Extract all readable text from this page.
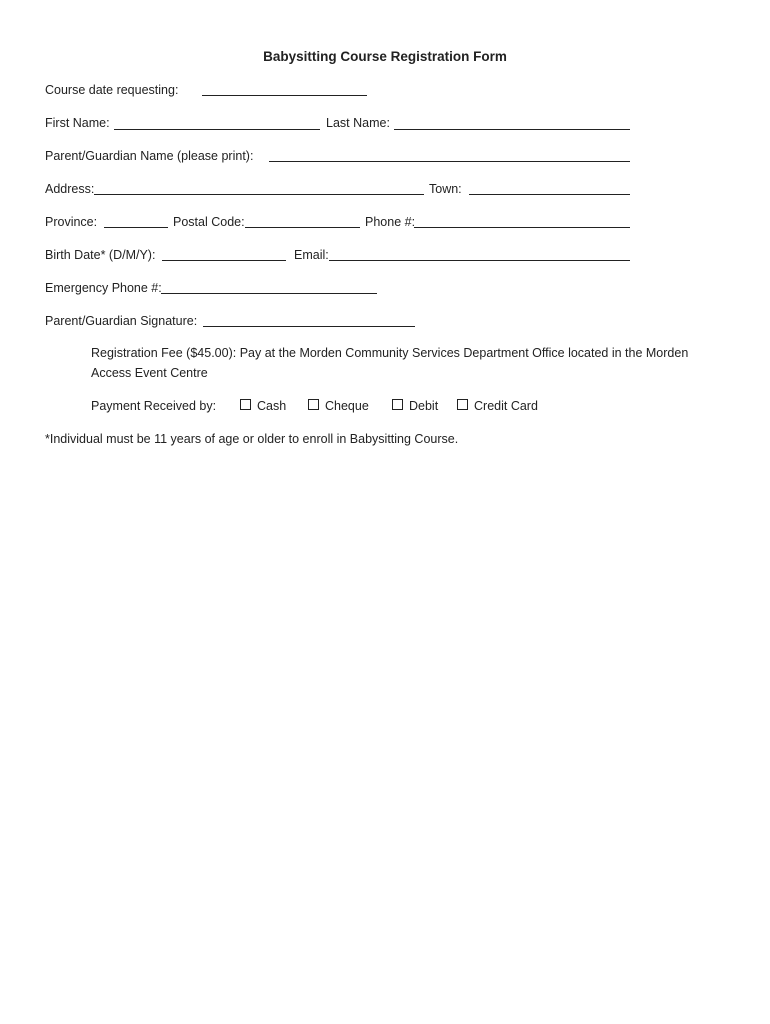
Babysitting Course Registration Form
Course date requesting:
First Name:	Last Name:
Parent/Guardian Name (please print):
Address:	Town:
Province:	Postal Code:	Phone #:
Birth Date* (D/M/Y):	Email:
Emergency Phone #:
Parent/Guardian Signature:
Registration Fee ($45.00): Pay at the Morden Community Services Department Office located in the Morden
Access Event Centre
Payment Received by:	Cash	Cheque	Debit	Credit Card
*Individual must be 11 years of age or older to enroll in Babysitting Course.
